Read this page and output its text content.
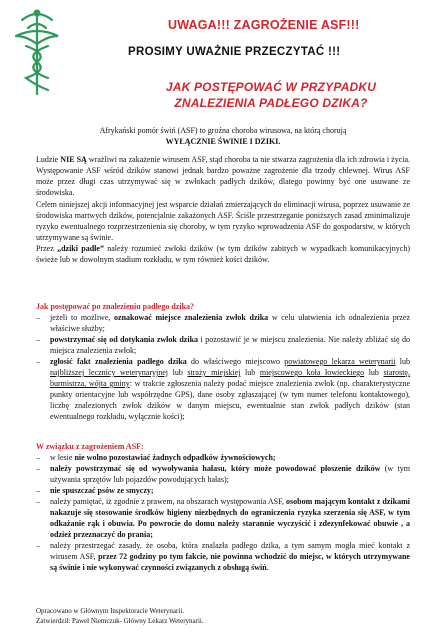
UWAGA!!! ZAGROŻENIE ASF!!!
PROSIMY UWAŻNIE PRZECZYTAĆ !!!
JAK POSTĘPOWAĆ W PRZYPADKU
ZNALEZIENIA PADŁEGO DZIKA?
Afrykański pomór świń (ASF) to groźna choroba wirusowa, na którą chorują
WYŁĄCZNIE ŚWINIE I DZIKI.
Ludzie NIE SĄ wrażliwi na zakażenie wirusem ASF, stąd choroba ta nie stwarza zagrożenia dla ich zdrowia i życia. Występowanie ASF wśród dzików stanowi jednak bardzo poważne zagrożenie dla trzody chlewnej. Wirus ASF może przez długi czas utrzymywać się w zwłokach padłych dzików, dlatego powinny być one usuwane ze środowiska.
Celem niniejszej akcji informacyjnej jest wsparcie działań zmierzających do eliminacji wirusa, poprzez usuwanie ze środowiska martwych dzików, potencjalnie zakażonych ASF. Ściśle przestrzeganie poniższych zasad zminimalizuje ryzyko ewentualnego rozprzestrzenienia się choroby, w tym ryzyko wprowadzenia ASF do gospodarstw, w których utrzymywane są świnie.
Przez „dziki padłe” należy rozumieć zwłoki dzików (w tym dzików zabitych w wypadkach komunikacyjnych) świeże lub w dowolnym stadium rozkładu, w tym również kości dzików.
Jak postępować po znalezieniu padłego dzika?
– jeżeli to możliwe, oznakować miejsce znalezienia zwłok dzika w celu ułatwienia ich odnalezienia przez właściwe służby;
– powstrzymać się od dotykania zwłok dzika i pozostawić je w miejscu znalezienia. Nie należy zbliżać się do miejsca znalezienia zwłok;
– zgłosić fakt znalezienia padłego dzika do właściwego miejscowo powiatowego lekarza weterynarii lub najbliższej lecznicy weterynaryjnej lub straży miejskiej lub miejscowego koła łowieckiego lub starostę, burmistrza, wójta gminy: w trakcie zgłoszenia należy podać miejsce znalezienia zwłok (np. charakterystyczne punkty orientacyjne lub współrzędne GPS), dane osoby zgłaszającej (w tym numer telefonu kontaktowego), liczbę znalezionych zwłok dzików w danym miejscu, ewentualnie stan zwłok padłych dzików (stan ewentualnego rozkładu, wyłącznie kości);
W związku z zagrożeniem ASF:
– w lesie nie wolno pozostawiać żadnych odpadków żywnościowych;
– należy powstrzymać się od wywoływania hałasu, który może powodować płoszenie dzików (w tym używania sprzętów lub pojazdów powodujących hałas);
– nie spuszczać psów ze smyczy;
– należy pamiętać, iż zgodnie z prawem, na obszarach występowania ASF, osobom mającym kontakt z dzikami nakazuje się stosowanie środków higieny niezbędnych do ograniczenia ryzyka szerzenia się ASF, w tym odkażanie rąk i obuwia. Po powrocie do domu należy starannie wyczyścić i zdezynfekować obuwie , a odzież przeznaczyć do prania;
– należy przestrzegać zasady, że osoba, która znalazła padłego dzika, a tym samym mogła mieć kontakt z wirusem ASF, przez 72 godziny po tym fakcie, nie powinna wchodzić do miejsc, w których utrzymywane są świnie i nie wykonywać czynności związanych z obsługą świń.
Opracowano w Głównym Inspektoracie Weterynarii.
Zatwierdził: Paweł Niemczuk- Główny Lekarz Weterynarii.
